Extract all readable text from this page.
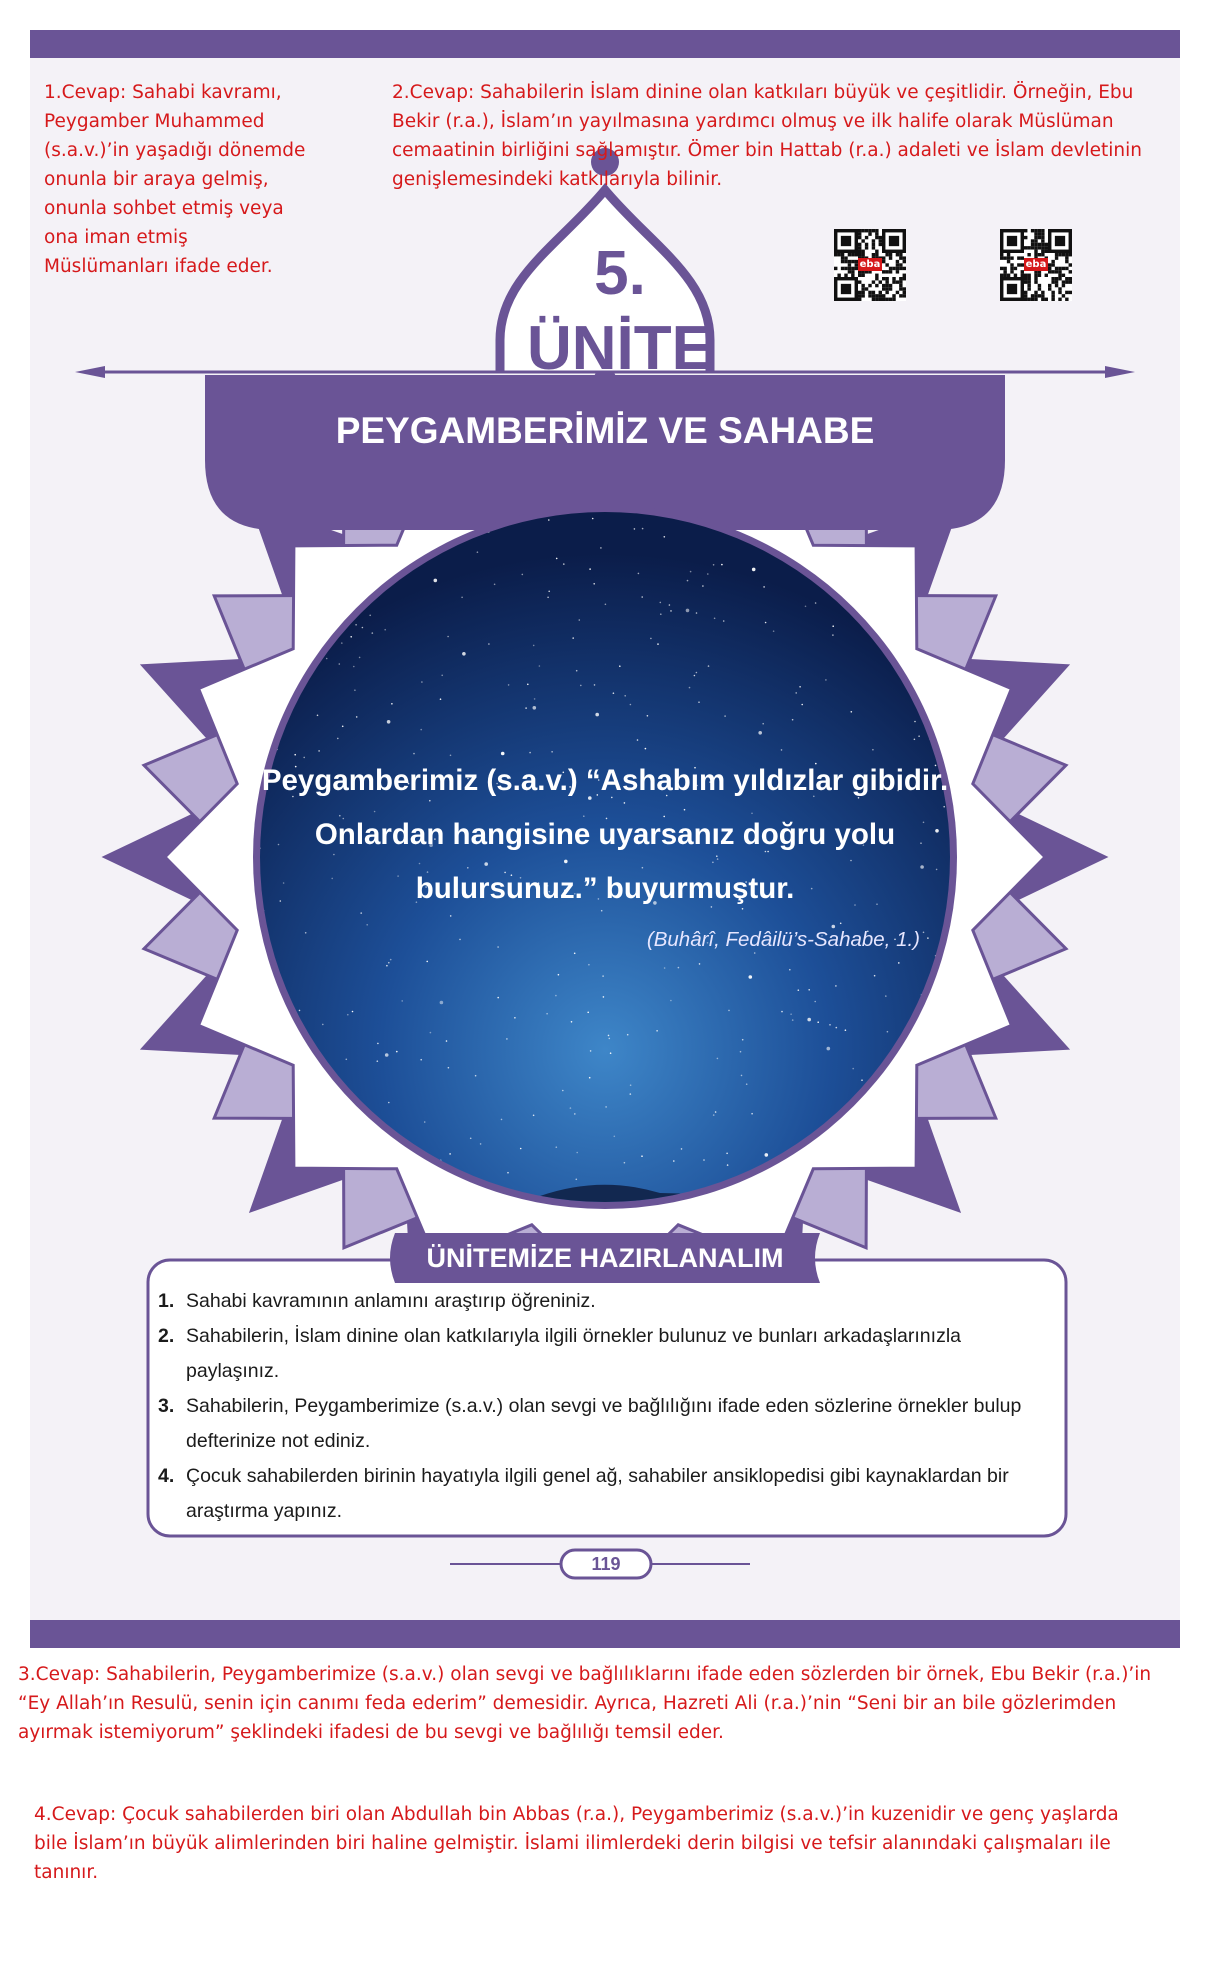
1.Cevap: Sahabi kavramı, Peygamber Muhammed (s.a.v.)’in yaşadığı dönemde onunla bir araya gelmiş, onunla sohbet etmiş veya ona iman etmiş Müslümanları ifade eder.
2.Cevap: Sahabilerin İslam dinine olan katkıları büyük ve çeşitlidir. Örneğin, Ebu Bekir (r.a.), İslam’ın yayılmasına yardımcı olmuş ve ilk halife olarak Müslüman cemaatinin birliğini sağlamıştır. Ömer bin Hattab (r.a.) adaleti ve İslam devletinin genişlemesindeki katkılarıyla bilinir.
eba	eba
5.
ÜNİTE
PEYGAMBERİMİZ VE SAHABE
Peygamberimiz (s.a.v.) “Ashabım yıldızlar gibidir. Onlardan hangisine uyarsanız doğru yolu bulursunuz.” buyurmuştur.
(Buhârî, Fedâilü’s-Sahabe, 1.)
ÜNİTEMİZE HAZIRLANALIM
1. Sahabi kavramının anlamını araştırıp öğreniniz.
2. Sahabilerin, İslam dinine olan katkılarıyla ilgili örnekler bulunuz ve bunları arkadaşlarınızla paylaşınız.
3. Sahabilerin, Peygamberimize (s.a.v.) olan sevgi ve bağlılığını ifade eden sözlerine örnekler bulup defterinize not ediniz.
4. Çocuk sahabilerden birinin hayatıyla ilgili genel ağ, sahabiler ansiklopedisi gibi kaynaklardan bir araştırma yapınız.
119
3.Cevap: Sahabilerin, Peygamberimize (s.a.v.) olan sevgi ve bağlılıklarını ifade eden sözlerden bir örnek, Ebu Bekir (r.a.)’in “Ey Allah’ın Resulü, senin için canımı feda ederim” demesidir. Ayrıca, Hazreti Ali (r.a.)’nin “Seni bir an bile gözlerimden ayırmak istemiyorum” şeklindeki ifadesi de bu sevgi ve bağlılığı temsil eder.
4.Cevap: Çocuk sahabilerden biri olan Abdullah bin Abbas (r.a.), Peygamberimiz (s.a.v.)’in kuzenidir ve genç yaşlarda bile İslam’ın büyük alimlerinden biri haline gelmiştir. İslami ilimlerdeki derin bilgisi ve tefsir alanındaki çalışmaları ile tanınır.
